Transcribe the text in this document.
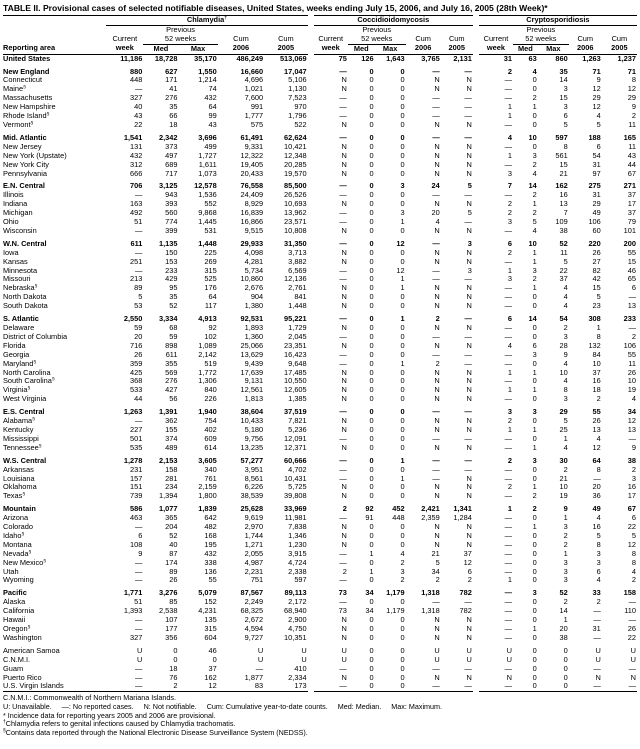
TABLE II. Provisional cases of selected notifiable diseases, United States, weeks ending July 15, 2006, and July 16, 2005 (28th Week)*
	Chlamydia†					Coccidioidomycosis					Cryptosporidiosis				
		Previous					Previous					Previous			
	Current	52 weeks		Cum	Cum	Current	52 weeks		Cum	Cum	Current	52 weeks		Cum	Cum
Reporting area	week	Med	Max	2006	2005	week	Med	Max	2006	2005	week	Med	Max	2006	2005
United States	11,186	18,728	35,170	486,249	513,069	75	126	1,643	3,765	2,131	31	63	860	1,263	1,237

New England	880	627	1,550	16,660	17,047	—	0	0	—	—	2	4	35	71	71
Connecticut	448	171	1,214	4,696	5,106	N	0	0	N	N	—	0	14	9	8
Maine§	—	41	74	1,021	1,130	N	0	0	N	N	—	0	3	12	12
Massachusetts	327	276	432	7,600	7,523	—	0	0	—	—	—	2	15	29	29
New Hampshire	40	35	64	991	970	—	0	0	—	—	1	1	3	12	9
Rhode Island§	43	66	99	1,777	1,796	—	0	0	—	—	1	0	6	4	2
Vermont§	22	18	43	575	522	N	0	0	N	N	—	0	5	5	11

Mid. Atlantic	1,541	2,342	3,696	61,491	62,624	—	0	0	—	—	4	10	597	188	165
New Jersey	131	373	499	9,331	10,421	N	0	0	N	N	—	0	8	6	11
New York (Upstate)	432	497	1,727	12,322	12,348	N	0	0	N	N	1	3	561	54	43
New York City	312	689	1,611	19,405	20,285	N	0	0	N	N	—	2	15	31	44
Pennsylvania	666	717	1,073	20,433	19,570	N	0	0	N	N	3	4	21	97	67

E.N. Central	706	3,125	12,578	76,558	85,500	—	0	3	24	5	7	14	162	275	271
Illinois	—	943	1,536	24,409	26,526	—	0	0	—	—	—	2	16	31	37
Indiana	163	393	552	8,929	10,693	N	0	0	N	N	2	1	13	29	17
Michigan	492	560	9,868	16,839	13,962	—	0	3	20	5	2	2	7	49	37
Ohio	51	774	1,445	16,866	23,571	—	0	1	4	—	3	5	109	106	79
Wisconsin	—	399	531	9,515	10,808	N	0	0	N	N	—	4	38	60	101

W.N. Central	611	1,135	1,448	29,933	31,350	—	0	12	—	3	6	10	52	220	200
Iowa	—	150	225	4,098	3,713	N	0	0	N	N	2	1	11	26	55
Kansas	251	153	269	4,281	3,882	N	0	0	N	N	—	1	5	27	15
Minnesota	—	233	315	5,734	6,569	—	0	12	—	3	1	3	22	82	46
Missouri	213	429	525	10,860	12,136	—	0	1	—	—	3	2	37	42	65
Nebraska§	89	95	176	2,676	2,761	N	0	1	N	N	—	1	4	15	6
North Dakota	5	35	64	904	841	N	0	0	N	N	—	0	4	5	—
South Dakota	53	52	117	1,380	1,448	N	0	0	N	N	—	0	4	23	13

S. Atlantic	2,550	3,334	4,913	92,531	95,221	—	0	1	2	—	6	14	54	308	233
Delaware	59	68	92	1,893	1,729	N	0	0	N	N	—	0	2	1	—
District of Columbia	20	59	102	1,360	2,045	—	0	0	—	—	—	0	3	8	2
Florida	716	898	1,089	25,066	23,351	N	0	0	N	N	4	6	28	132	106
Georgia	26	611	2,142	13,629	16,423	—	0	0	—	—	—	3	9	84	55
Maryland§	359	355	519	9,439	9,648	—	0	1	2	—	—	0	4	10	11
North Carolina	425	569	1,772	17,639	17,485	N	0	0	N	N	1	1	10	37	26
South Carolina§	368	276	1,306	9,131	10,550	N	0	0	N	N	—	0	4	16	10
Virginia§	533	427	840	12,561	12,605	N	0	0	N	N	1	1	8	18	19
West Virginia	44	56	226	1,813	1,385	N	0	0	N	N	—	0	3	2	4

E.S. Central	1,263	1,391	1,940	38,604	37,519	—	0	0	—	—	3	3	29	55	34
Alabama§	—	362	754	10,433	7,821	N	0	0	N	N	2	0	5	26	12
Kentucky	227	155	402	5,180	5,236	N	0	0	N	N	1	1	25	13	13
Mississippi	501	374	609	9,756	12,091	—	0	0	—	—	—	0	1	4	—
Tennessee§	535	489	614	13,235	12,371	N	0	0	N	N	—	1	4	12	9

W.S. Central	1,278	2,153	3,605	57,277	60,666	—	0	1	—	—	2	3	30	64	38
Arkansas	231	158	340	3,951	4,702	—	0	0	—	—	—	0	2	8	2
Louisiana	157	281	761	8,561	10,431	—	0	1	—	N	—	0	21	—	3
Oklahoma	151	234	2,159	6,226	5,725	N	0	0	N	N	2	1	10	20	16
Texas§	739	1,394	1,800	38,539	39,808	N	0	0	N	N	—	2	19	36	17

Mountain	586	1,077	1,839	25,628	33,969	2	92	452	2,421	1,341	1	2	9	49	67
Arizona	463	365	642	9,619	11,981	—	91	448	2,359	1,284	—	0	1	4	6
Colorado	—	204	482	2,970	7,838	N	0	0	N	N	—	1	3	16	22
Idaho§	6	52	168	1,744	1,346	N	0	0	N	N	—	0	2	5	5
Montana	108	40	195	1,271	1,230	N	0	0	N	N	—	0	2	8	12
Nevada§	9	87	432	2,055	3,915	—	1	4	21	37	—	0	1	3	8
New Mexico§	—	174	338	4,987	4,724	—	0	2	5	12	—	0	3	3	8
Utah	—	89	136	2,231	2,338	2	1	3	34	6	—	0	3	6	4
Wyoming	—	26	55	751	597	—	0	2	2	2	1	0	3	4	2

Pacific	1,771	3,276	5,079	87,567	89,113	73	34	1,179	1,318	782	—	3	52	33	158
Alaska	51	85	152	2,249	2,172	—	0	0	—	—	—	0	2	2	—
California	1,393	2,538	4,231	68,325	68,940	73	34	1,179	1,318	782	—	0	14	—	110
Hawaii	—	107	135	2,672	2,900	N	0	0	N	N	—	0	1	—	—
Oregon§	—	177	315	4,594	4,750	N	0	0	N	N	—	1	20	31	26
Washington	327	356	604	9,727	10,351	N	0	0	N	N	—	0	38	—	22

American Samoa	U	0	46	U	U	U	0	0	U	U	U	0	0	U	U
C.N.M.I.	U	0	0	U	U	U	0	0	U	U	U	0	0	U	U
Guam	—	18	37	—	410	—	0	0	—	—	—	0	0	—	—
Puerto Rico	—	76	162	1,877	2,334	N	0	0	N	N	N	0	0	N	N
U.S. Virgin Islands	—	2	12	83	173	—	0	0	—	—	—	0	0	—	—
C.N.M.I.: Commonwealth of Northern Mariana Islands.
U: Unavailable.     —: No reported cases.     N: Not notifiable.     Cum: Cumulative year-to-date counts.     Med: Median.     Max: Maximum.
* Incidence data for reporting years 2005 and 2006 are provisional.
†Chlamydia refers to genital infections caused by Chlamydia trachomatis.
§Contains data reported through the National Electronic Disease Surveillance System (NEDSS).
